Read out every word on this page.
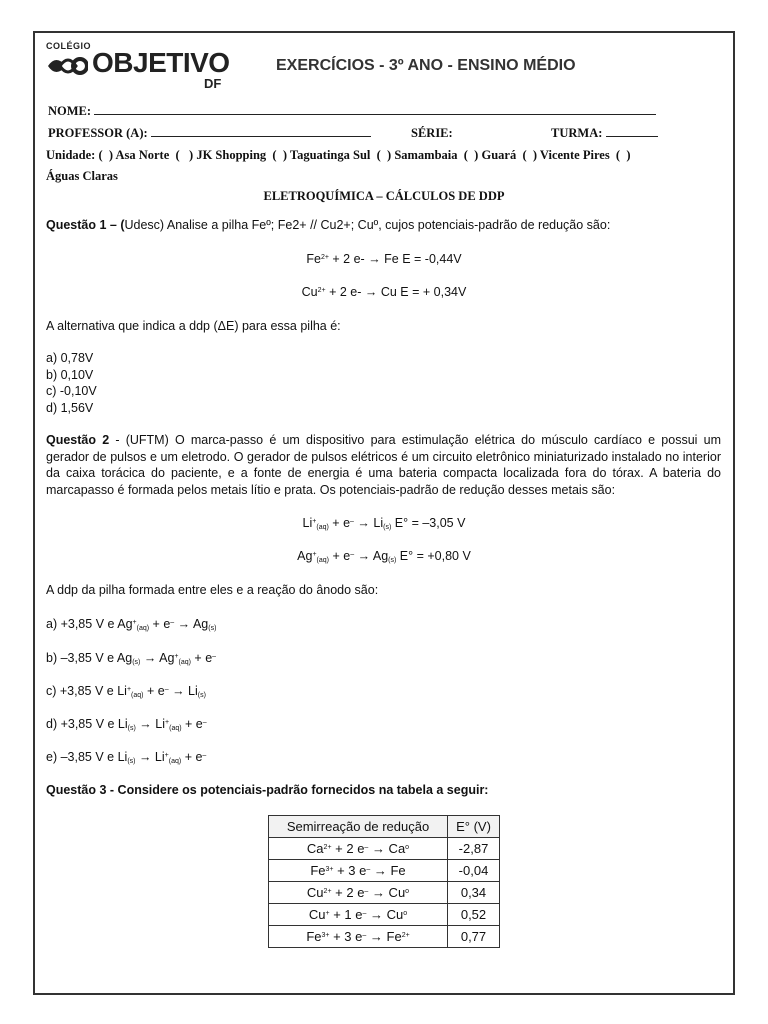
COLÉGIO
OBJETIVO
DF
EXERCÍCIOS - 3º ANO - ENSINO MÉDIO
NOME:
PROFESSOR (A):	SÉRIE:	TURMA:
Unidade: (  ) Asa Norte  (   ) JK Shopping  (  ) Taguatinga Sul  (  ) Samambaia  (  ) Guará  (  ) Vicente Pires  (  )
Águas Claras
ELETROQUÍMICA – CÁLCULOS DE DDP
Questão 1 – (Udesc) Analise a pilha Feº; Fe2+ // Cu2+; Cuº, cujos potenciais-padrão de redução são:
$Fe^{2+} + 2$ e- → Fe E = -0,44V
$Cu^{2+} + 2$ e- → Cu E = + 0,34V
A alternativa que indica a ddp (ΔE) para essa pilha é:
a) 0,78V
b) 0,10V
c) -0,10V
d) 1,56V
Questão 2 - (UFTM) O marca-passo é um dispositivo para estimulação elétrica do músculo cardíaco e possui um gerador de pulsos e um eletrodo. O gerador de pulsos elétricos é um circuito eletrônico miniaturizado instalado no interior da caixa torácica do paciente, e a fonte de energia é uma bateria compacta localizada fora do tórax. A bateria do marcapasso é formada pelos metais lítio e prata. Os potenciais-padrão de redução desses metais são:
$Li^+_{(aq)} + e^- \to Li_{(s)}$ E° = –3,05 V
$Ag^+_{(aq)} + e^- \to Ag_{(s)}$ E° = +0,80 V
A ddp da pilha formada entre eles e a reação do ânodo são:
a) +3,85 V e $Ag^+_{(aq)} + e^- \to Ag_{(s)}$
b) –3,85 V e $Ag_{(s)} \to Ag^+_{(aq)} + e^-$
c) +3,85 V e $Li^+_{(aq)} + e^- \to Li_{(s)}$
d) +3,85 V e $Li_{(s)} \to Li^+_{(aq)} + e^-$
e) –3,85 V e $Li_{(s)} \to Li^+_{(aq)} + e^-$
Questão 3 - Considere os potenciais-padrão fornecidos na tabela a seguir:
Semirreação de redução	E° (V)
$Ca^{2+} + 2$ $e^- \to Ca^o$	-2,87
$Fe^{3+} + 3$ e– → Fe	-0,04
$Cu^{2+} + 2$ $e^- \to Cu^o$	0,34
Cu+ + 1 $e^- \to Cu^o$	0,52
$Fe^{3+} + 3$ $e^- \to Fe^{2+}$	0,77
